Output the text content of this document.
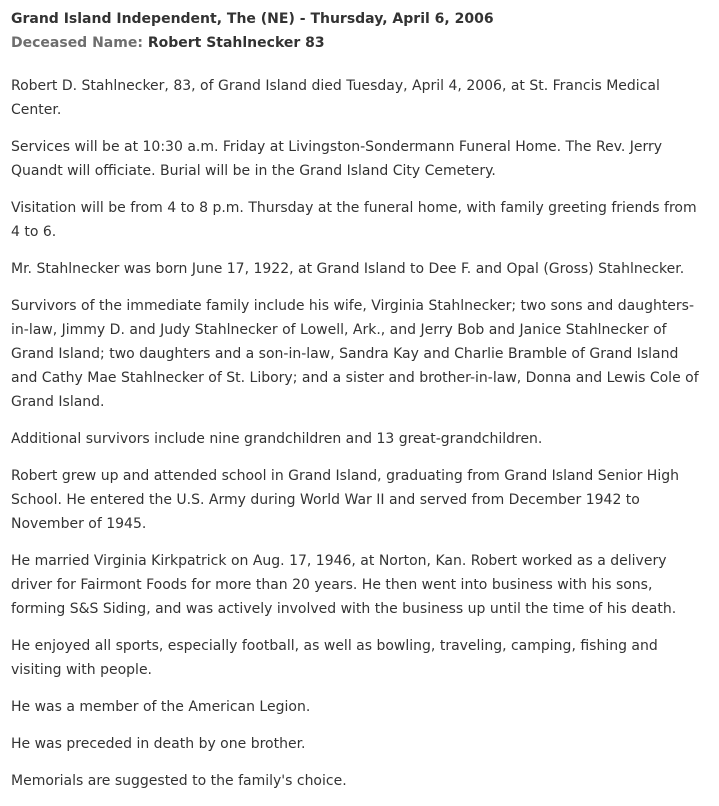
Grand Island Independent, The (NE) - Thursday, April 6, 2006
Deceased Name: Robert Stahlnecker 83

Robert D. Stahlnecker, 83, of Grand Island died Tuesday, April 4, 2006, at St. Francis Medical Center.

Services will be at 10:30 a.m. Friday at Livingston-Sondermann Funeral Home. The Rev. Jerry Quandt will officiate. Burial will be in the Grand Island City Cemetery.

Visitation will be from 4 to 8 p.m. Thursday at the funeral home, with family greeting friends from 4 to 6.

Mr. Stahlnecker was born June 17, 1922, at Grand Island to Dee F. and Opal (Gross) Stahlnecker.

Survivors of the immediate family include his wife, Virginia Stahlnecker; two sons and daughters-in-law, Jimmy D. and Judy Stahlnecker of Lowell, Ark., and Jerry Bob and Janice Stahlnecker of Grand Island; two daughters and a son-in-law, Sandra Kay and Charlie Bramble of Grand Island and Cathy Mae Stahlnecker of St. Libory; and a sister and brother-in-law, Donna and Lewis Cole of Grand Island.

Additional survivors include nine grandchildren and 13 great-grandchildren.

Robert grew up and attended school in Grand Island, graduating from Grand Island Senior High School. He entered the U.S. Army during World War II and served from December 1942 to November of 1945.

He married Virginia Kirkpatrick on Aug. 17, 1946, at Norton, Kan. Robert worked as a delivery driver for Fairmont Foods for more than 20 years. He then went into business with his sons, forming S&S Siding, and was actively involved with the business up until the time of his death.

He enjoyed all sports, especially football, as well as bowling, traveling, camping, fishing and visiting with people.

He was a member of the American Legion.

He was preceded in death by one brother.

Memorials are suggested to the family's choice.
